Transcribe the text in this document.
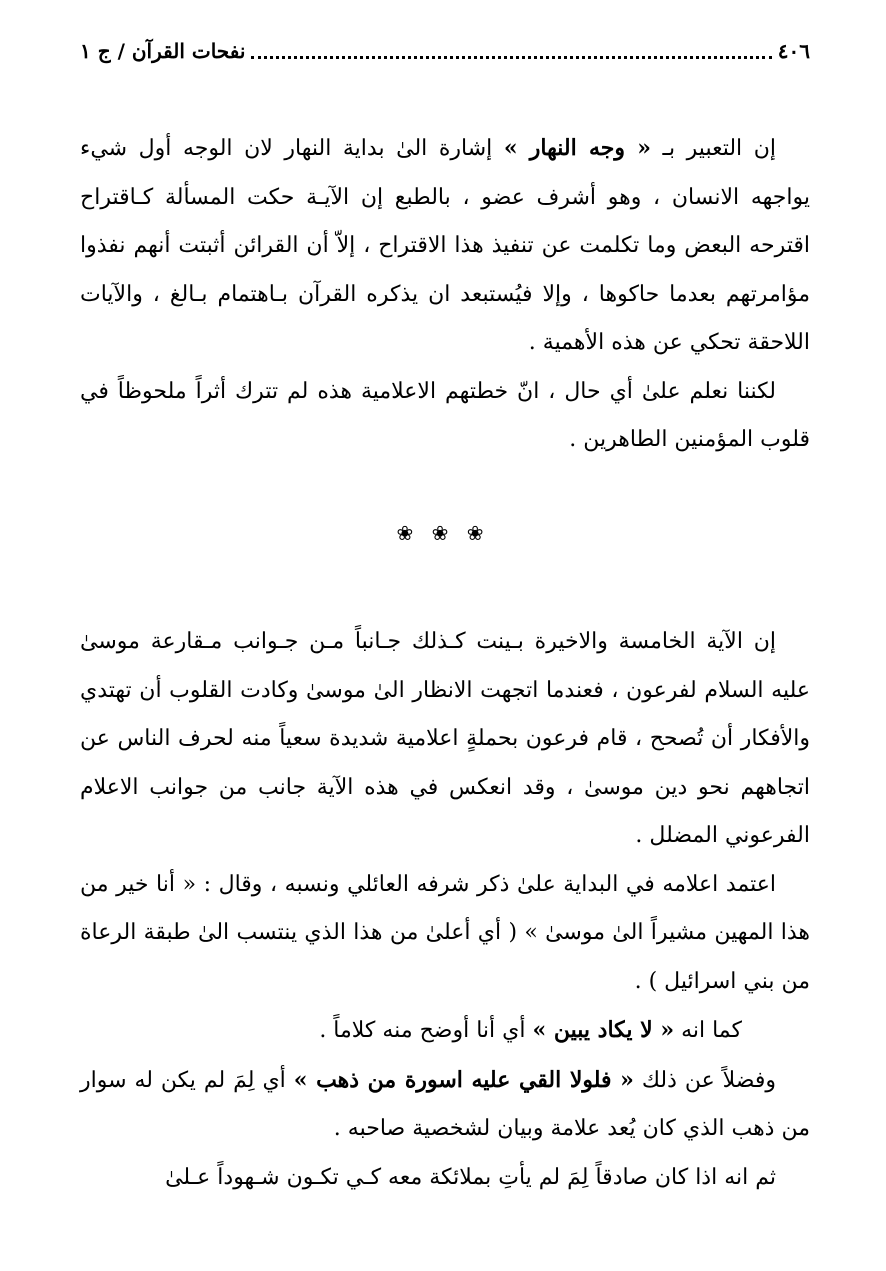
٤٠٦
نفحات القرآن / ج ١

إن التعبير بـ « وجه النهار » إشارة الىٰ بداية النهار لان الوجه أول شيء يواجهه الانسان ، وهو أشرف عضو ، بالطبع إن الآيـة حكت المسألة كـاقتراح اقترحه البعض وما تكلمت عن تنفيذ هذا الاقتراح ، إلاّ أن القرائن أثبتت أنهم نفذوا مؤامرتهم بعدما حاكوها ، وإلا فيُستبعد ان يذكره القرآن بـاهتمام بـالغ ، والآيات اللاحقة تحكي عن هذه الأهمية .

لكننا نعلم علىٰ أي حال ، انّ خطتهم الاعلامية هذه لم تترك أثراً ملحوظاً في قلوب المؤمنين الطاهرين .

❀ ❀ ❀

إن الآية الخامسة والاخيرة بـينت كـذلك جـانباً مـن جـوانب مـقارعة موسىٰ عليه السلام لفرعون ، فعندما اتجهت الانظار الىٰ موسىٰ وكادت القلوب أن تهتدي والأفكار أن تُصحح ، قام فرعون بحملةٍ اعلامية شديدة سعياً منه لحرف الناس عن اتجاههم نحو دين موسىٰ ، وقد انعكس في هذه الآية جانب من جوانب الاعلام الفرعوني المضلل .

اعتمد اعلامه في البداية علىٰ ذكر شرفه العائلي ونسبه ، وقال : « أنا خير من هذا المهين مشيراً الىٰ موسىٰ » ( أي أعلىٰ من هذا الذي ينتسب الىٰ طبقة الرعاة من بني اسرائيل ) .

كما انه « لا يكاد يبين » أي أنا أوضح منه كلاماً .

وفضلاً عن ذلك « فلولا القي عليه اسورة من ذهب » أي لِمَ لم يكن له سوار من ذهب الذي كان يُعد علامة وبيان لشخصية صاحبه .

ثم انه اذا كان صادقاً لِمَ لم يأتِ بملائكة معه كـي تكـون شـهوداً عـلىٰ
